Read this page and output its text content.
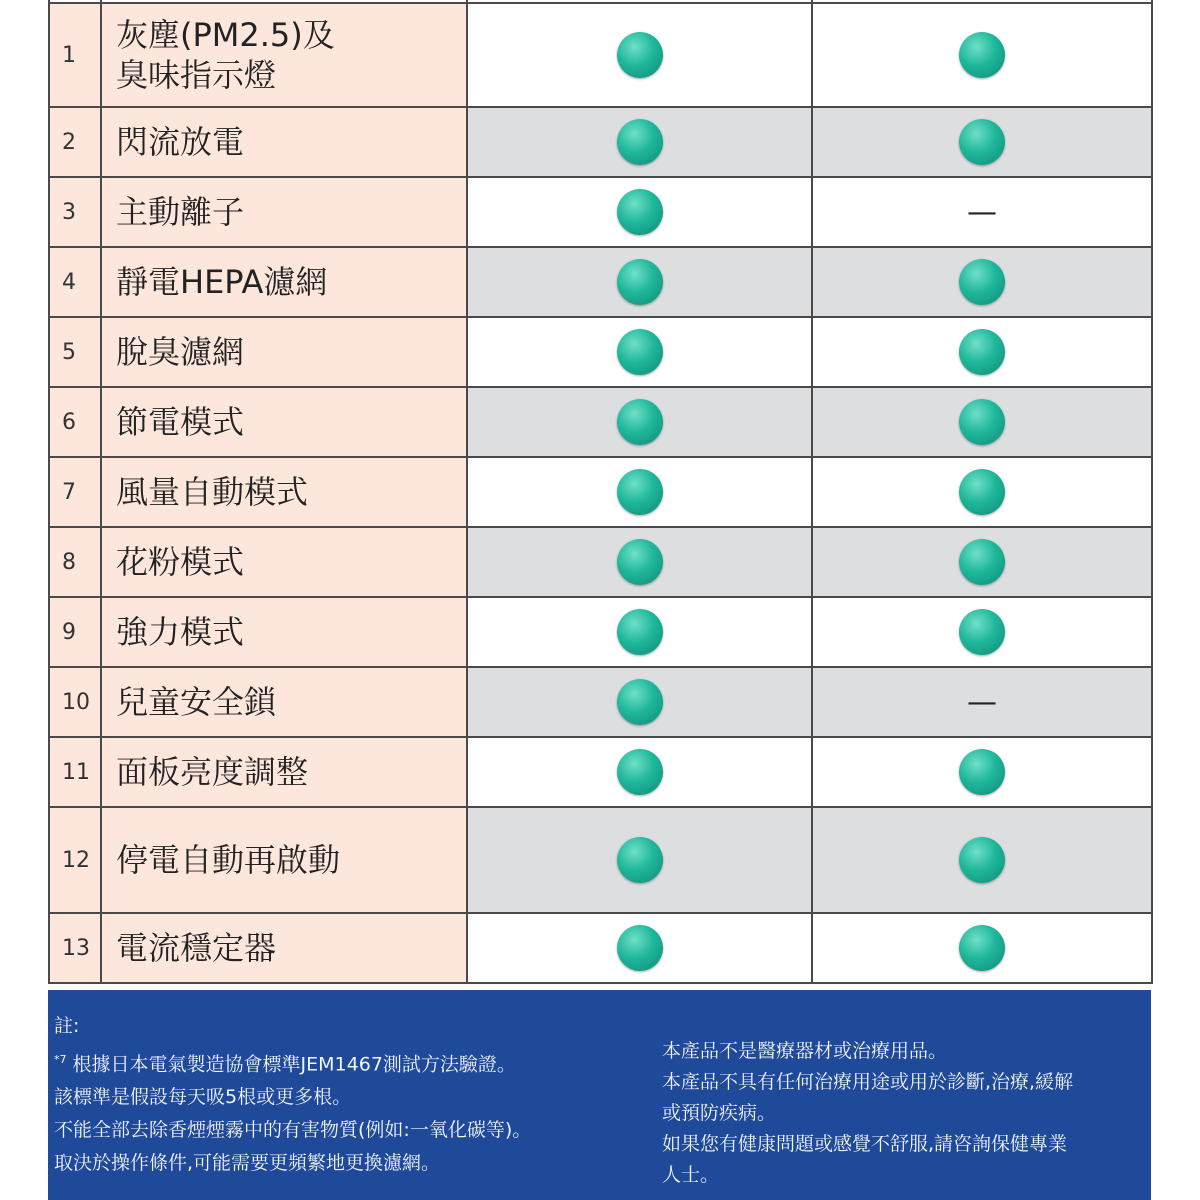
1	灰塵(PM2.5)及
臭味指示燈		

2	閃流放電		

3	主動離子		—
4	靜電HEPA濾網		

5	脫臭濾網		

6	節電模式		

7	風量自動模式		

8	花粉模式		

9	強力模式		

10	兒童安全鎖		—
11	面板亮度調整		

12	停電自動再啟動		

13	電流穩定器		

註:

$^{*7}$ 根據日本電氣製造協會標準JEM1467測試方法驗證。

該標準是假設每天吸5根或更多根。

不能全部去除香煙煙霧中的有害物質(例如:一氧化碳等)。

取決於操作條件,可能需要更頻繁地更換濾網。

本產品不是醫療器材或治療用品。

本產品不具有任何治療用途或用於診斷,治療,緩解

或預防疾病。

如果您有健康問題或感覺不舒服,請咨詢保健專業

人士。
